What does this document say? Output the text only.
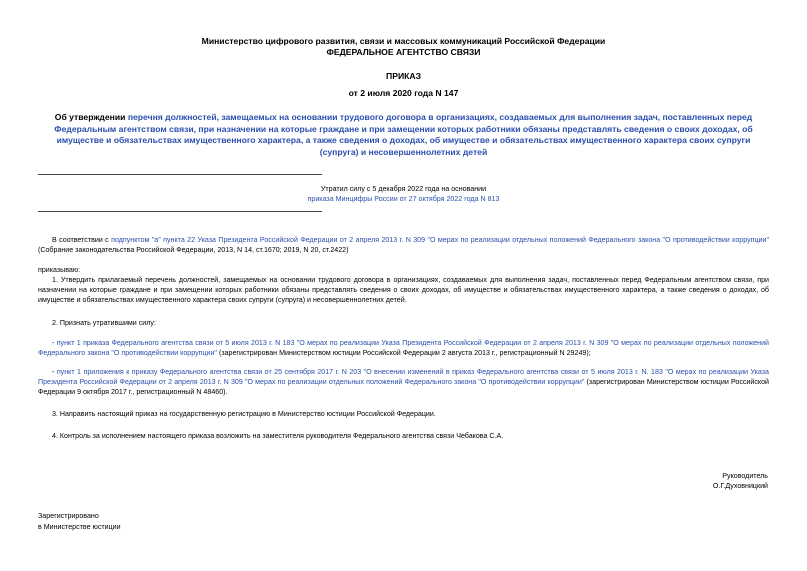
Министерство цифрового развития, связи и массовых коммуникаций Российской Федерации
ФЕДЕРАЛЬНОЕ АГЕНТСТВО СВЯЗИ
ПРИКАЗ
от 2 июля 2020 года N 147
Об утверждении перечня должностей, замещаемых на основании трудового договора в организациях, создаваемых для выполнения задач, поставленных перед Федеральным агентством связи, при назначении на которые граждане и при замещении которых работники обязаны представлять сведения о своих доходах, об имуществе и обязательствах имущественного характера, а также сведения о доходах, об имуществе и обязательствах имущественного характера своих супруги (супруга) и несовершеннолетних детей
Утратил силу с 5 декабря 2022 года на основании
приказа Минцифры России от 27 октября 2022 года N 813
В соответствии с подпунктом "а" пункта 22 Указа Президента Российской Федерации от 2 апреля 2013 г. N 309 "О мерах по реализации отдельных положений Федерального закона "О противодействии коррупции" (Собрание законодательства Российской Федерации, 2013, N 14, ст.1670; 2019, N 20, ст.2422)
приказываю:
1. Утвердить прилагаемый перечень должностей, замещаемых на основании трудового договора в организациях, создаваемых для выполнения задач, поставленных перед Федеральным агентством связи, при назначении на которые граждане и при замещении которых работники обязаны представлять сведения о своих доходах, об имуществе и обязательствах имущественного характера, а также сведения о доходах, об имуществе и обязательствах имущественного характера своих супруги (супруга) и несовершеннолетних детей.
2. Признать утратившими силу:
- пункт 1 приказа Федерального агентства связи от 5 июля 2013 г. N 183 "О мерах по реализации Указа Президента Российской Федерации от 2 апреля 2013 г. N 309 "О мерах по реализации отдельных положений Федерального закона "О противодействии коррупции" (зарегистрирован Министерством юстиции Российской Федерации 2 августа 2013 г., регистрационный N 29249);
- пункт 1 приложения к приказу Федерального агентства связи от 25 сентября 2017 г. N 203 "О внесении изменений в приказ Федерального агентства связи от 5 июля 2013 г. N. 183 "О мерах по реализации Указа Президента Российской Федерации от 2 апреля 2013 г. N 309 "О мерах по реализации отдельных положений Федерального закона "О противодействии коррупции" (зарегистрирован Министерством юстиции Российской Федерации 9 октября 2017 г., регистрационный N 48460).
3. Направить настоящий приказ на государственную регистрацию в Министерство юстиции Российской Федерации.
4. Контроль за исполнением настоящего приказа возложить на заместителя руководителя Федерального агентства связи Чебакова С.А.
Руководитель
О.Г.Духовницкий
Зарегистрировано
в Министерстве юстиции
